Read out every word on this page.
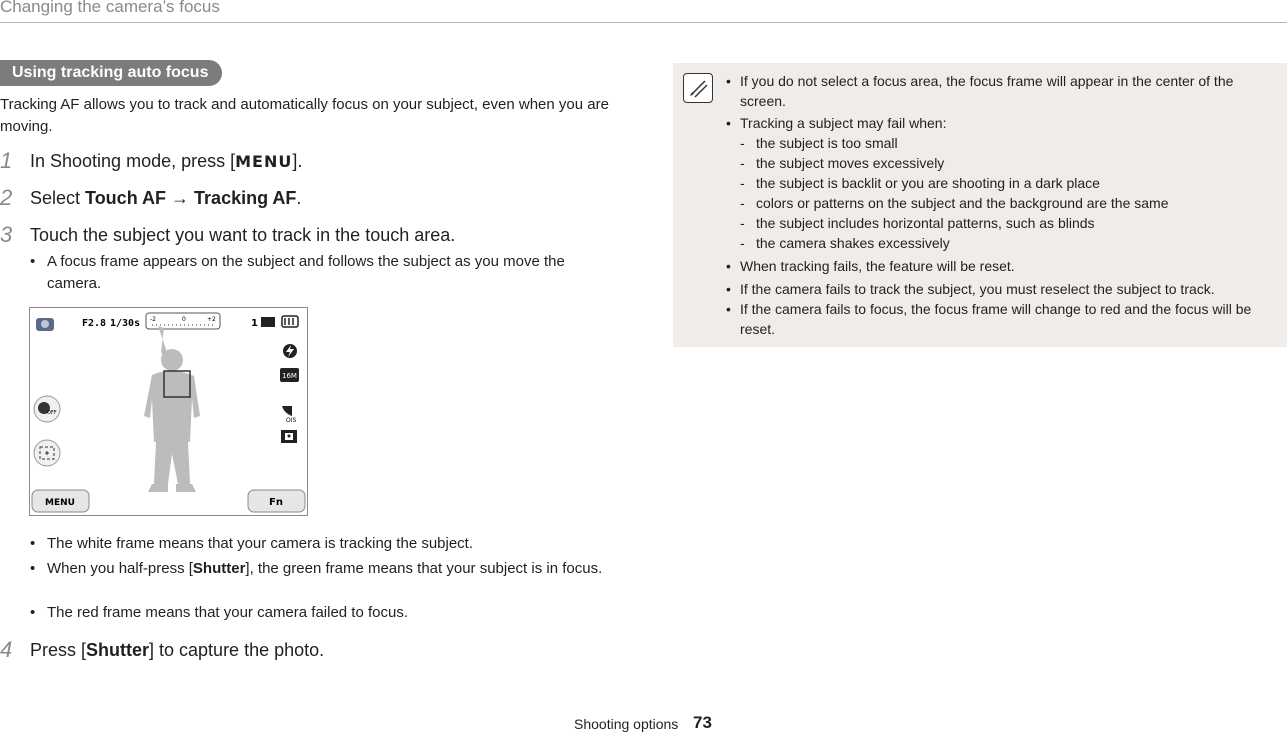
Changing the camera’s focus
Using tracking auto focus
Tracking AF allows you to track and automatically focus on your subject, even when you are moving.
1 In Shooting mode, press [MENU].
2 Select Touch AF → Tracking AF.
3 Touch the subject you want to track in the touch area.
• A focus frame appears on the subject and follows the subject as you move the camera.
F2.8 1/30s -2	0	+2	1
16M
OIS
OFF
MENU	Fn
• The white frame means that your camera is tracking the subject.
• When you half-press [Shutter], the green frame means that your subject is in focus.
• The red frame means that your camera failed to focus.
4 Press [Shutter] to capture the photo.
• If you do not select a focus area, the focus frame will appear in the center of the screen.
• Tracking a subject may fail when:
- the subject is too small
- the subject moves excessively
- the subject is backlit or you are shooting in a dark place
- colors or patterns on the subject and the background are the same
- the subject includes horizontal patterns, such as blinds
- the camera shakes excessively
• When tracking fails, the feature will be reset.
• If the camera fails to track the subject, you must reselect the subject to track.
• If the camera fails to focus, the focus frame will change to red and the focus will be reset.
Shooting options 73
